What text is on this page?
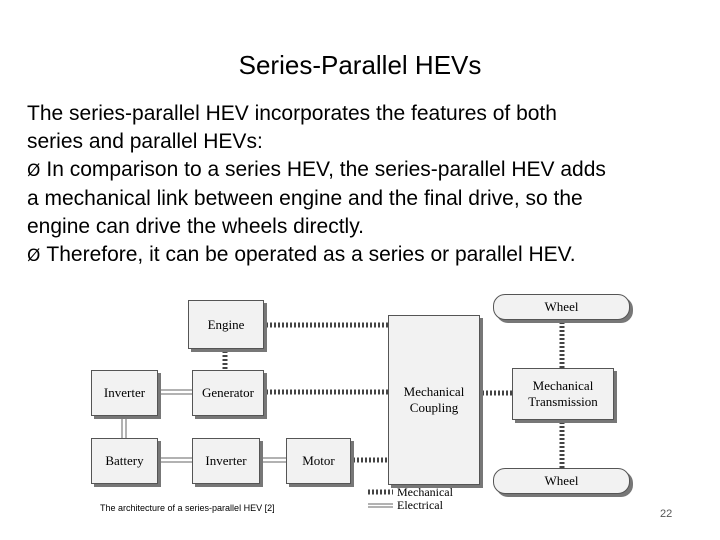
Series-Parallel HEVs
The series-parallel HEV incorporates the features of both
series and parallel HEVs:
Ø In comparison to a series HEV, the series-parallel HEV adds
a mechanical link between engine and the final drive, so the
engine can drive the wheels directly.
Ø Therefore, it can be operated as a series or parallel HEV.
Engine
Inverter	Generator
Battery	Inverter	Motor
Mechanical
Coupling
Mechanical
Transmission
Wheel
Wheel
Mechanical
Electrical
The architecture of a series-parallel HEV [2]	22
